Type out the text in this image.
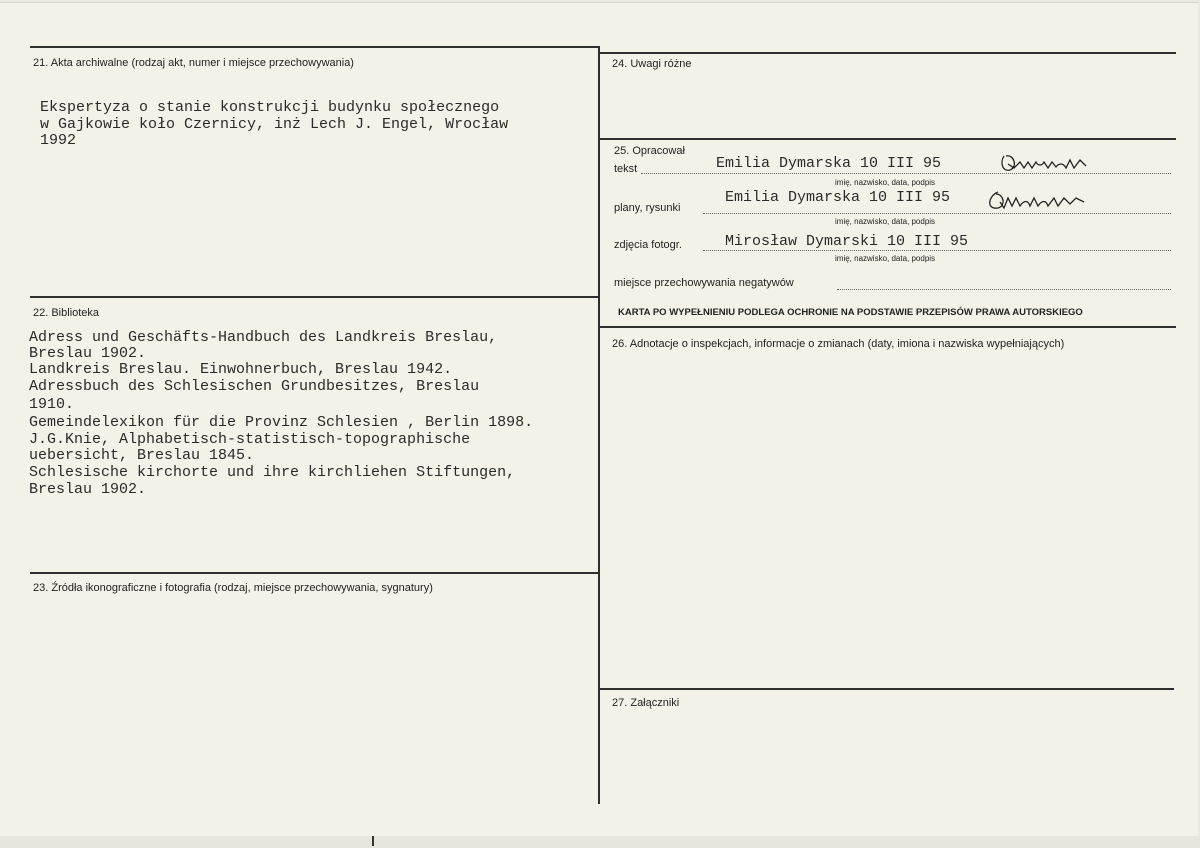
21. Akta archiwalne (rodzaj akt, numer i miejsce przechowywania)
Ekspertyza o stanie konstrukcji budynku społecznego
w Gajkowie koło Czernicy, inż Lech J. Engel, Wrocław
1992
22. Biblioteka
Adress und Geschäfts-Handbuch des Landkreis Breslau,
Breslau 1902.
Landkreis Breslau. Einwohnerbuch, Breslau 1942.
Adressbuch des Schlesischen Grundbesitzes, Breslau
1910.
Gemeindelexikon für die Provinz Schlesien , Berlin 1898.
J.G.Knie, Alphabetisch-statistisch-topographische
uebersicht, Breslau 1845.
Schlesische kirchorte und ihre kirchliehen Stiftungen,
Breslau 1902.
23. Źródła ikonograficzne i fotografia (rodzaj, miejsce przechowywania, sygnatury)
24. Uwagi różne
25. Opracował
tekst	Emilia Dymarska 10 III 95
imię, nazwisko, data, podpis
plany, rysunki
Emilia Dymarska 10 III 95
imię, nazwisko, data, podpis
zdjęcia fotogr.	Mirosław Dymarski 10 III 95
imię, nazwisko, data, podpis
miejsce przechowywania negatywów
KARTA PO WYPEŁNIENIU PODLEGA OCHRONIE NA PODSTAWIE PRZEPISÓW PRAWA AUTORSKIEGO
26. Adnotacje o inspekcjach, informacje o zmianach (daty, imiona i nazwiska wypełniających)
27. Załączniki
